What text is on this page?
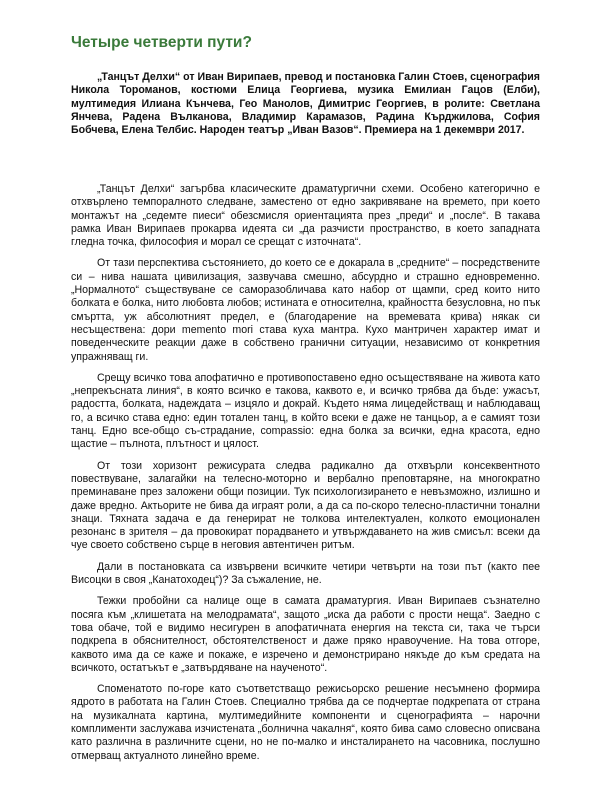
Четыре четверти пути?

„Танцът Делхи“ от Иван Вирипаев, превод и постановка Галин Стоев, сценография Никола Тороманов, костюми Елица Георгиева, музика Емилиан Гацов (Елби), мултимедия Илиана Кънчева, Гео Манолов, Димитрис Георгиев, в ролите: Светлана Янчева, Радена Вълканова, Владимир Карамазов, Радина Кърджилова, София Бобчева, Елена Телбис. Народен театър „Иван Вазов“. Премиера на 1 декември 2017.

„Танцът Делхи“ загърбва класическите драматургични схеми. Особено категорично е отхвърлено темпоралното следване, заместено от едно закривяване на времето, при което монтажът на „седемте пиеси“ обезсмисля ориентацията през „преди“ и „после“. В такава рамка Иван Вирипаев прокарва идеята си „да разчисти пространство, в което западната гледна точка, философия и морал се срещат с източната“.

От тази перспектива състоянието, до което се е докарала в „средните“ – посредствените си – нива нашата цивилизация, зазвучава смешно, абсурдно и страшно едновременно. „Нормалното“ съществуване се саморазобличава като набор от щампи, сред които нито болката е болка, нито любовта любов; истината е относителна, крайността безусловна, но пък смъртта, уж абсолютният предел, е (благодарение на времевата крива) някак си несъществена: дори memento mori става куха мантра. Кухо мантричен характер имат и поведенческите реакции даже в собствено гранични ситуации, независимо от конкретния упражняващ ги.

Срещу всичко това апофатично е противопоставено едно осъществяване на живота като „непрекъсната линия“, в която всичко е такова, каквото е, и всичко трябва да бъде: ужасът, радостта, болката, надеждата – изцяло и докрай. Където няма лицедействащ и наблюдаващ го, а всичко става едно: един тотален танц, в който всеки е даже не танцьор, а е самият този танц. Едно все-общо съ-страдание, compassio: една болка за всички, една красота, едно щастие – пълнота, плътност и цялост.

От този хоризонт режисурата следва радикално да отхвърли консеквентното повествуване, залагайки на телесно-моторно и вербално преповтаряне, на многократно преминаване през заложени общи позиции. Тук психологизирането е невъзможно, излишно и даже вредно. Актьорите не бива да играят роли, а да са по-скоро телесно-пластични тонални знаци. Тяхната задача е да генерират не толкова интелектуален, колкото емоционален резонанс в зрителя – да провокират порадването и утвърждаването на жив смисъл: всеки да чуе своето собствено сърце в неговия автентичен ритъм.

Дали в постановката са извървени всичките четири четвърти на този път (както пее Висоцки в своя „Канатоходец“)? За съжаление, не.

Тежки пробойни са налице още в самата драматургия. Иван Вирипаев съзнателно посяга към „клишетата на мелодрамата“, защото „иска да работи с прости неща“. Заедно с това обаче, той е видимо несигурен в апофатичната енергия на текста си, така че търси подкрепа в обяснителност, обстоятелственост и даже пряко нравоучение. На това отгоре, каквото има да се каже и покаже, е изречено и демонстрирано някъде до към средата на всичкото, остатъкът е „затвърдяване на наученото“.

Споменатото по-горе като съответстващо режисьорско решение несъмнено формира ядрото в работата на Галин Стоев. Специално трябва да се подчертае подкрепата от страна на музикалната картина, мултимедийните компоненти и сценографията – нарочни комплименти заслужава изчистената „болнична чакалня“, която бива само словесно описвана като различна в различните сцени, но не по-малко и инсталирането на часовника, послушно отмерващ актуалното линейно време.
